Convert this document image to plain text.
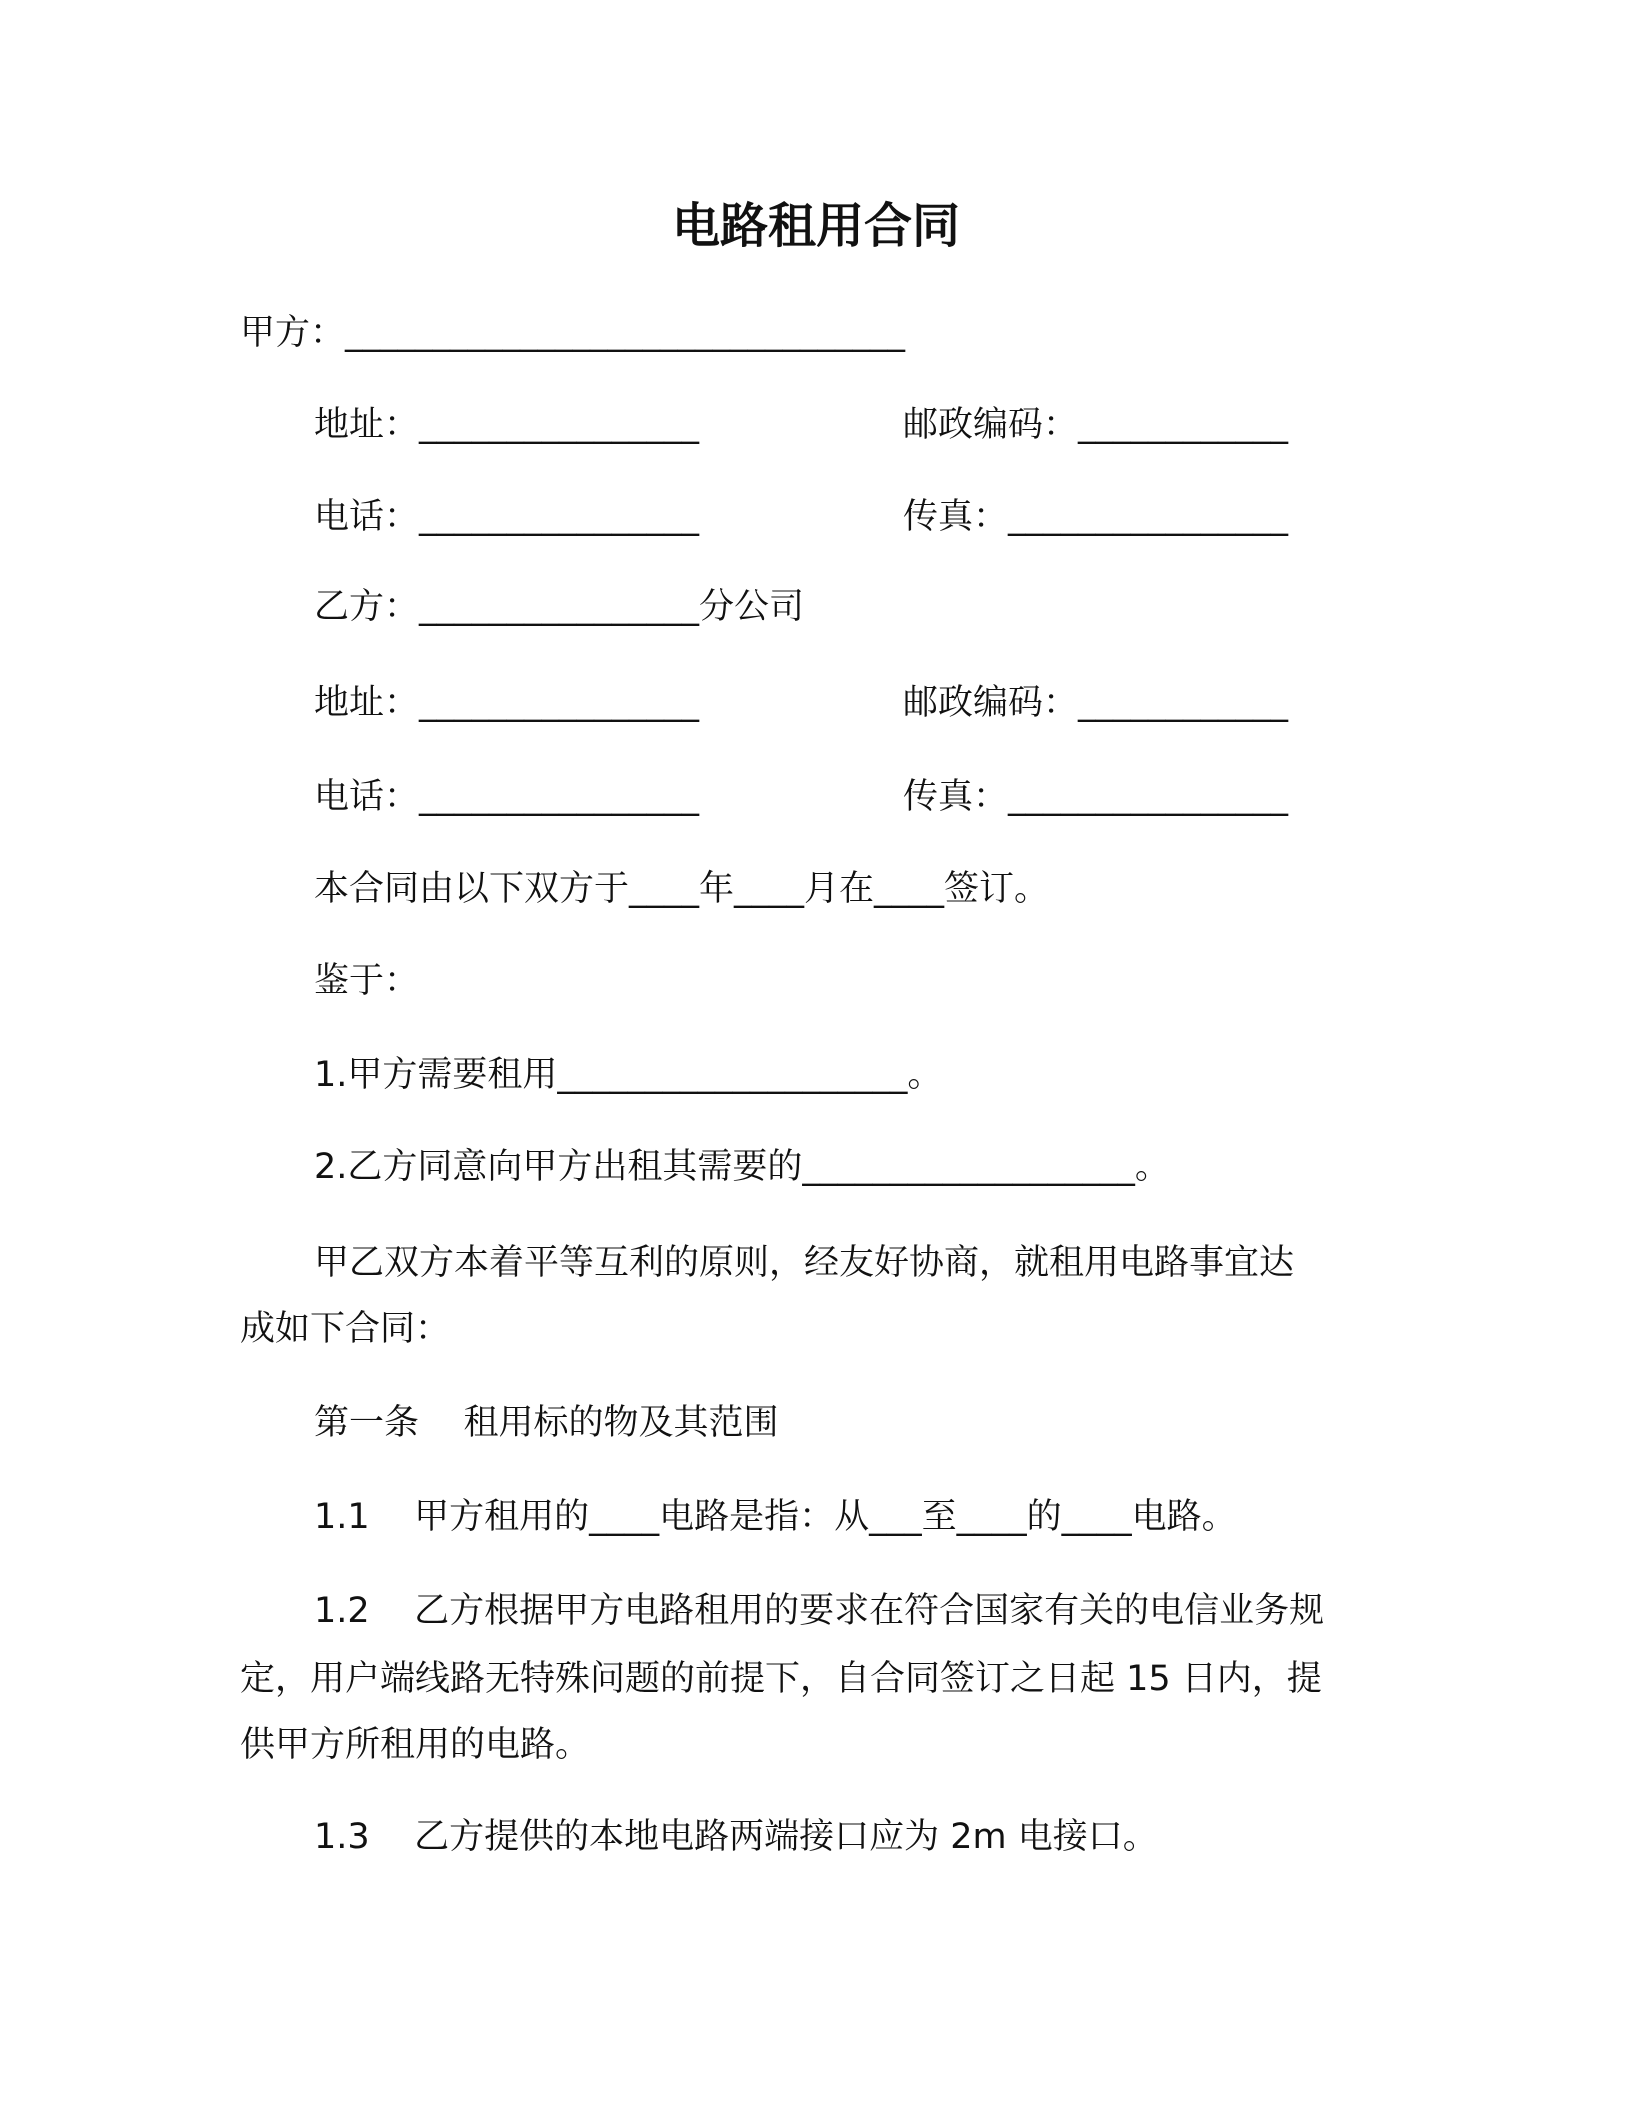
电路租用合同
甲方：________________________________
地址：________________	邮政编码：____________
电话：________________	传真：________________
乙方：________________分公司
地址：________________	邮政编码：____________
电话：________________	传真：________________
本合同由以下双方于____年____月在____签订。
鉴于：
1.甲方需要租用____________________。
2.乙方同意向甲方出租其需要的___________________。
甲乙双方本着平等互利的原则，经友好协商，就租用电路事宜达
成如下合同：
第一条    租用标的物及其范围
1.1    甲方租用的____电路是指：从___至____的____电路。
1.2    乙方根据甲方电路租用的要求在符合国家有关的电信业务规
定，用户端线路无特殊问题的前提下，自合同签订之日起 15 日内，提
供甲方所租用的电路。
1.3    乙方提供的本地电路两端接口应为 2m 电接口。
